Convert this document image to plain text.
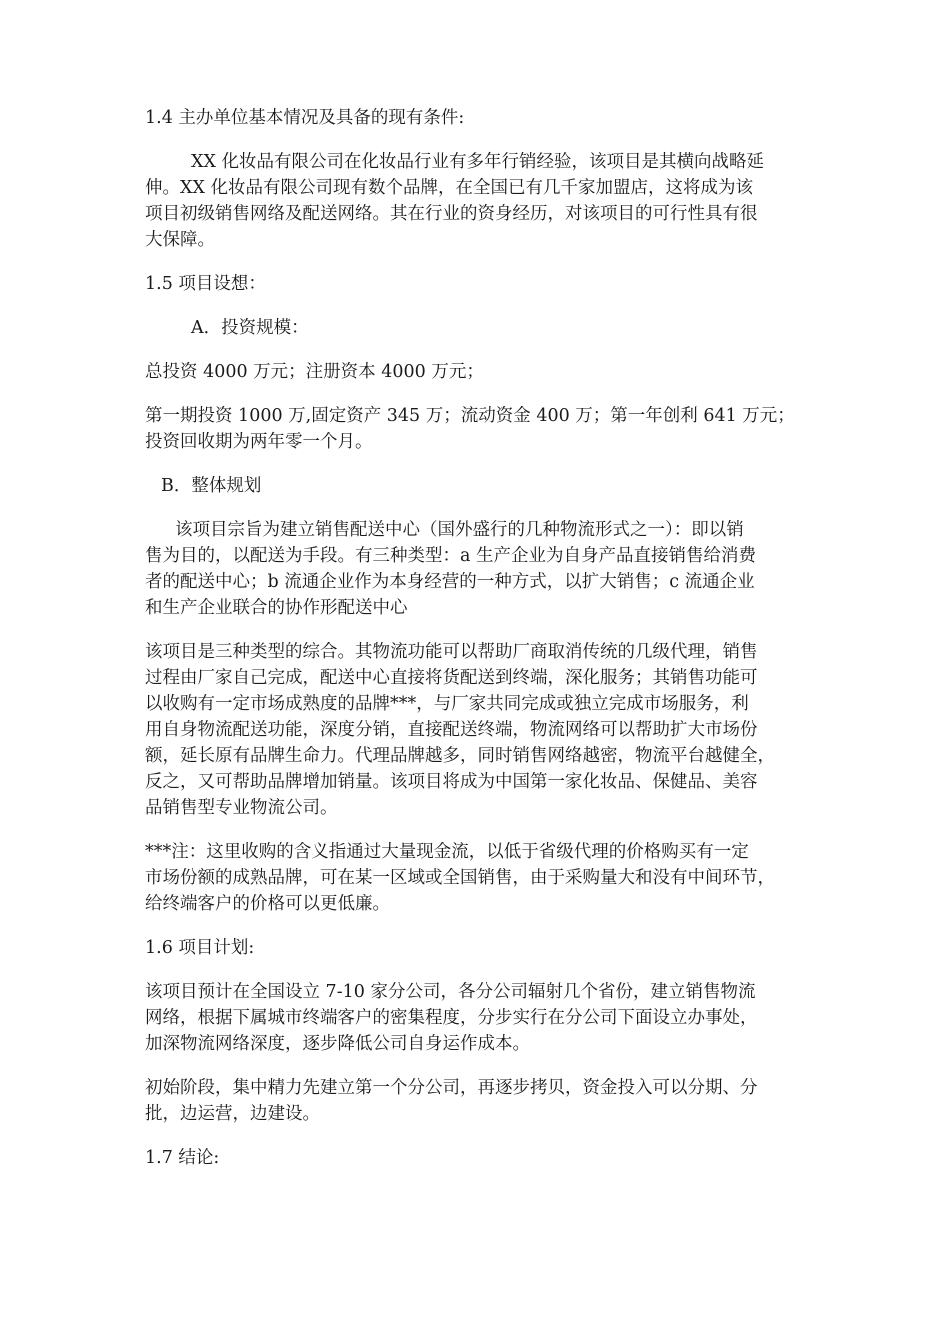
1.4 主办单位基本情况及具备的现有条件:
XX 化妆品有限公司在化妆品行业有多年行销经验，该项目是其横向战略延
伸。XX 化妆品有限公司现有数个品牌，在全国已有几千家加盟店，这将成为该
项目初级销售网络及配送网络。其在行业的资身经历，对该项目的可行性具有很
大保障。
1.5 项目设想：
A．投资规模：
总投资 4000 万元；注册资本 4000 万元；
第一期投资 1000 万,固定资产 345 万；流动资金 400 万；第一年创利 641 万元；
投资回收期为两年零一个月。
B．整体规划
该项目宗旨为建立销售配送中心（国外盛行的几种物流形式之一）：即以销
售为目的，以配送为手段。有三种类型：a 生产企业为自身产品直接销售给消费
者的配送中心；b 流通企业作为本身经营的一种方式，以扩大销售；c 流通企业
和生产企业联合的协作形配送中心
该项目是三种类型的综合。其物流功能可以帮助厂商取消传统的几级代理，销售
过程由厂家自己完成，配送中心直接将货配送到终端，深化服务；其销售功能可
以收购有一定市场成熟度的品牌***，与厂家共同完成或独立完成市场服务，利
用自身物流配送功能，深度分销，直接配送终端，物流网络可以帮助扩大市场份
额，延长原有品牌生命力。代理品牌越多，同时销售网络越密，物流平台越健全，
反之，又可帮助品牌增加销量。该项目将成为中国第一家化妆品、保健品、美容
品销售型专业物流公司。
***注：这里收购的含义指通过大量现金流，以低于省级代理的价格购买有一定
市场份额的成熟品牌，可在某一区域或全国销售，由于采购量大和没有中间环节，
给终端客户的价格可以更低廉。
1.6 项目计划:
该项目预计在全国设立 7-10 家分公司，各分公司辐射几个省份，建立销售物流
网络，根据下属城市终端客户的密集程度，分步实行在分公司下面设立办事处，
加深物流网络深度，逐步降低公司自身运作成本。
初始阶段，集中精力先建立第一个分公司，再逐步拷贝，资金投入可以分期、分
批，边运营，边建设。
1.7 结论:
